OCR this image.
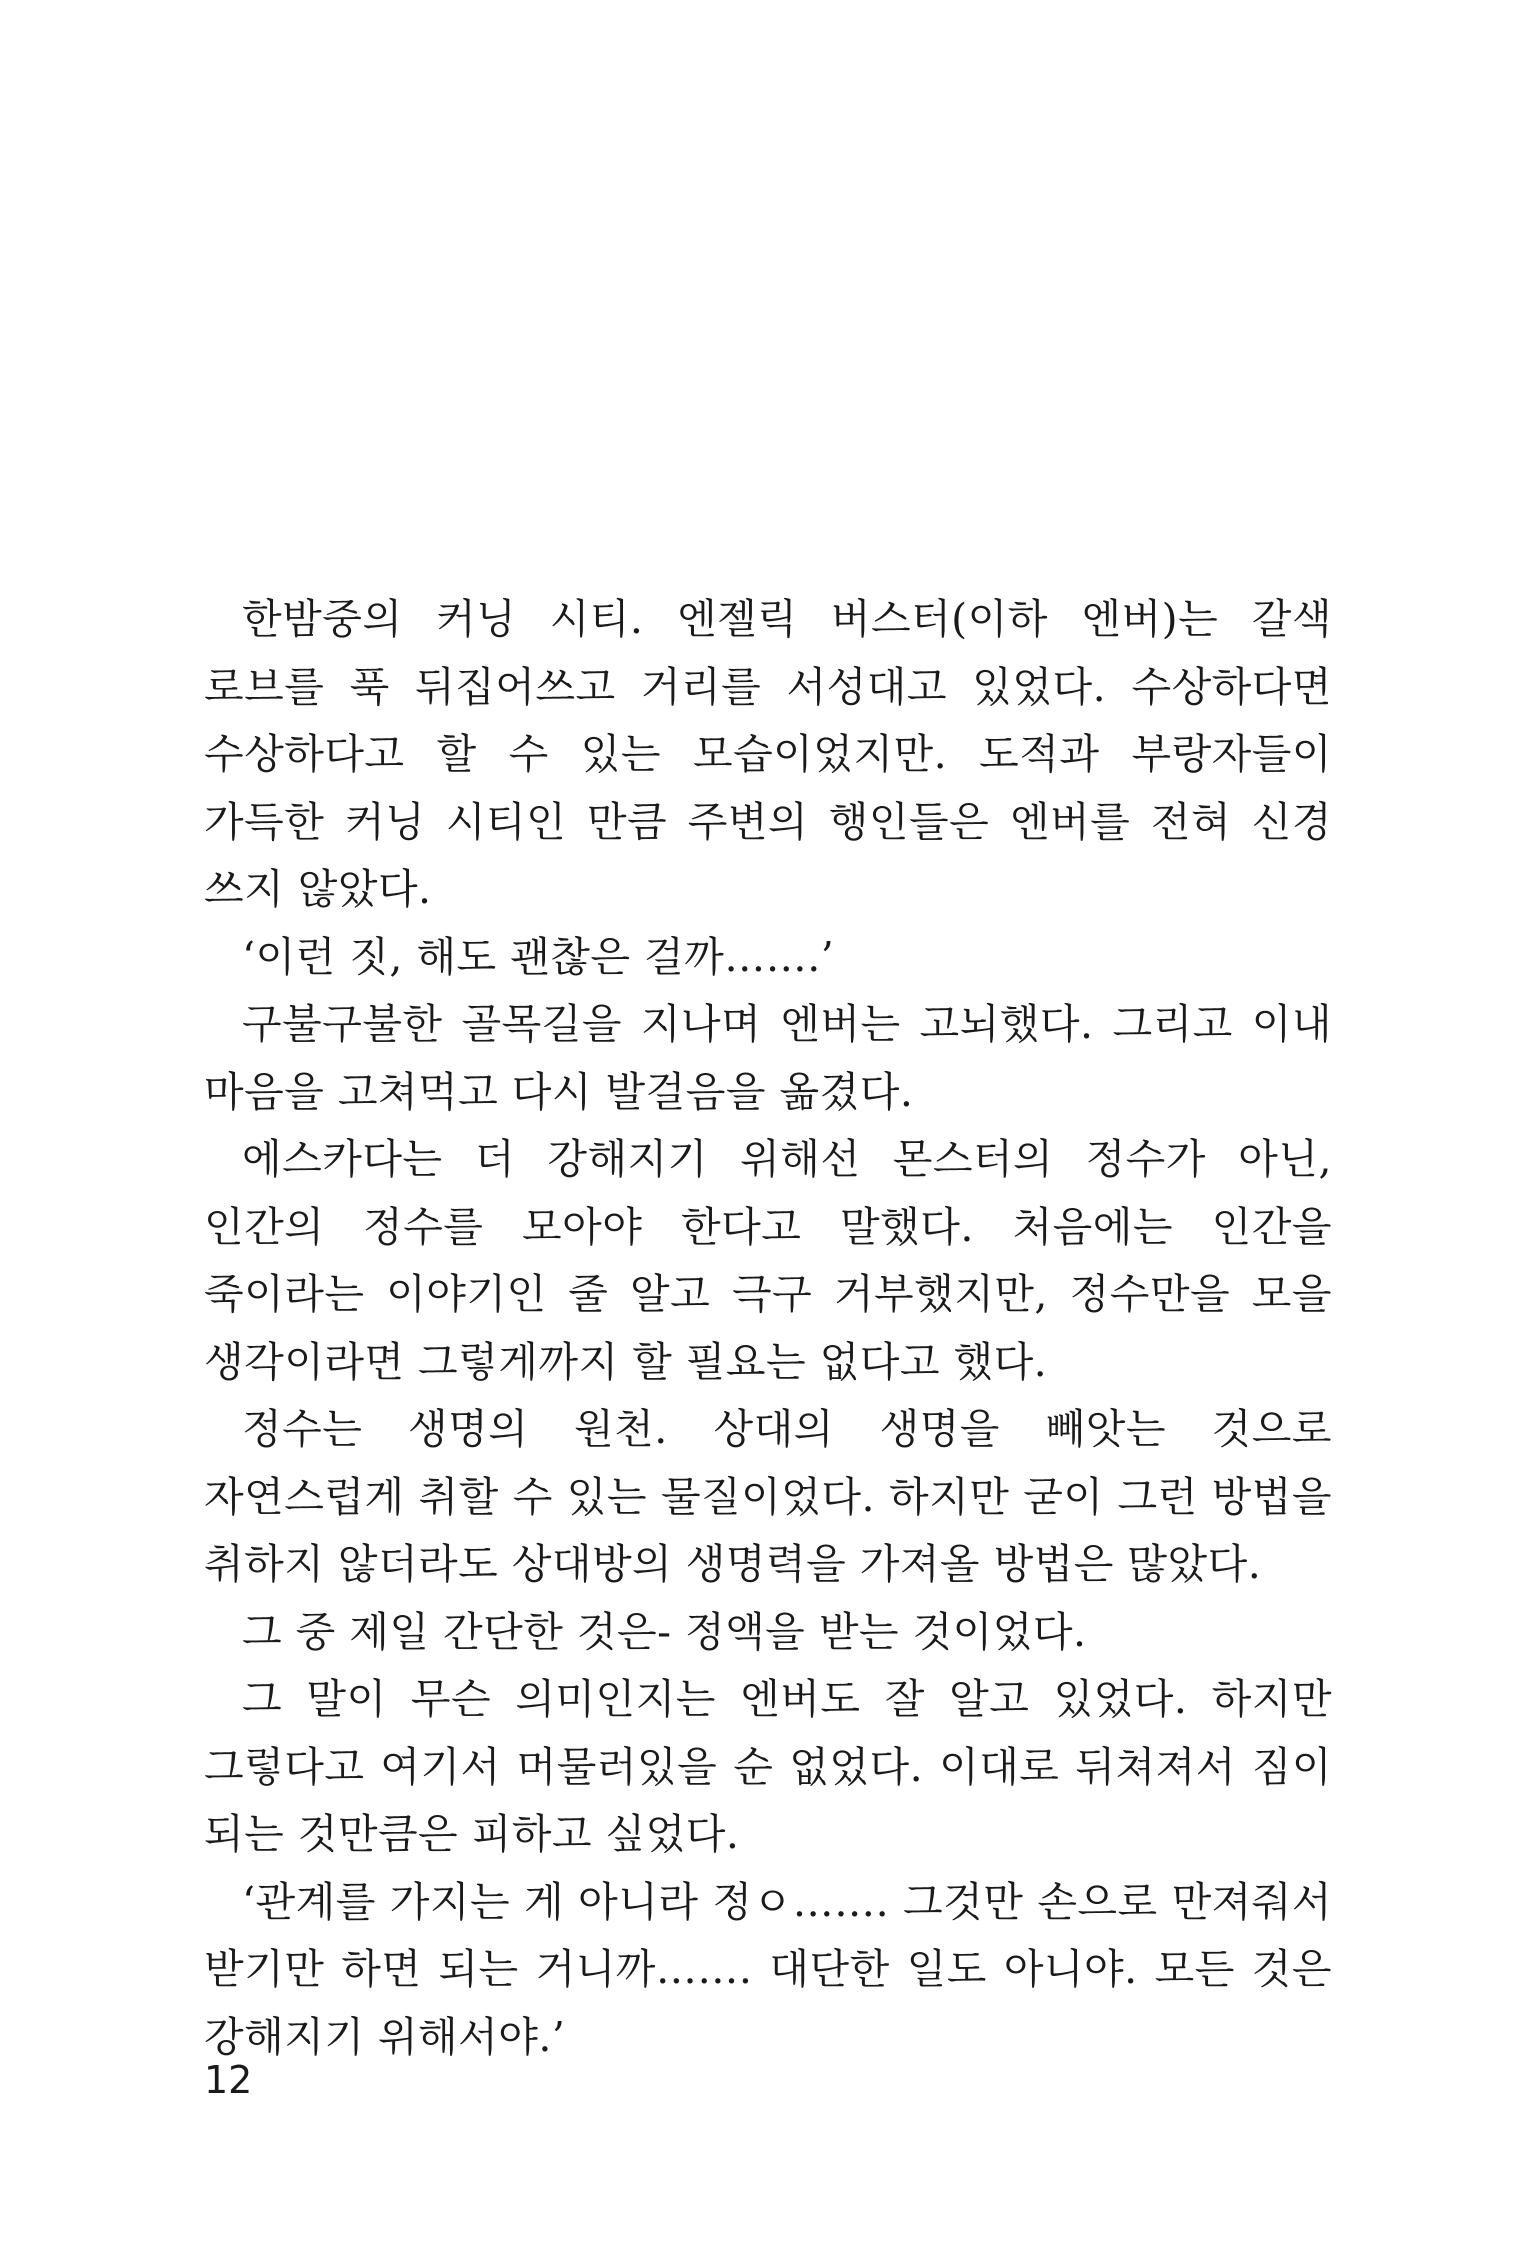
한밤중의 커닝 시티. 엔젤릭 버스터(이하 엔버)는 갈색 로브를 푹 뒤집어쓰고 거리를 서성대고 있었다. 수상하다면 수상하다고 할 수 있는 모습이었지만. 도적과 부랑자들이 가득한 커닝 시티인 만큼 주변의 행인들은 엔버를 전혀 신경 쓰지 않았다.

‘이런 짓, 해도 괜찮은 걸까…….’

구불구불한 골목길을 지나며 엔버는 고뇌했다. 그리고 이내 마음을 고쳐먹고 다시 발걸음을 옮겼다.

에스카다는 더 강해지기 위해선 몬스터의 정수가 아닌, 인간의 정수를 모아야 한다고 말했다. 처음에는 인간을 죽이라는 이야기인 줄 알고 극구 거부했지만, 정수만을 모을 생각이라면 그렇게까지 할 필요는 없다고 했다.

정수는 생명의 원천. 상대의 생명을 빼앗는 것으로 자연스럽게 취할 수 있는 물질이었다. 하지만 굳이 그런 방법을 취하지 않더라도 상대방의 생명력을 가져올 방법은 많았다.

그 중 제일 간단한 것은- 정액을 받는 것이었다.

그 말이 무슨 의미인지는 엔버도 잘 알고 있었다. 하지만 그렇다고 여기서 머물러있을 순 없었다. 이대로 뒤쳐져서 짐이 되는 것만큼은 피하고 싶었다.

‘관계를 가지는 게 아니라 정ㅇ……. 그것만 손으로 만져줘서 받기만 하면 되는 거니까……. 대단한 일도 아니야. 모든 것은 강해지기 위해서야.’

12
